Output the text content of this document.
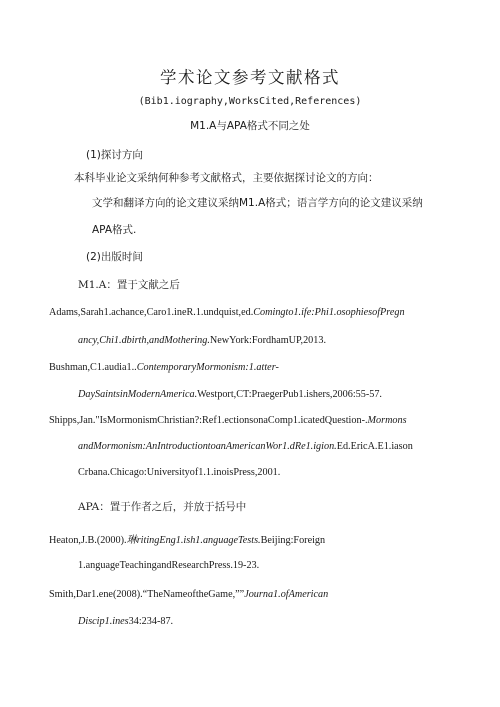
学术论文参考文献格式
(Bib1.iography,WorksCited,References)
M1.A与APA格式不同之处
(1)探讨方向
本科毕业论文采纳何种参考文献格式，主要依据探讨论文的方向：
文学和翻译方向的论文建议采纳M1.A格式；语言学方向的论文建议采纳
APA格式.
(2)出版时间
M1.A：置于文献之后
Adams,Sarah1.achance,Caro1.ineR.1.undquist,ed.Comingto1.ife:Phi1.osophiesofPregn
ancy,Chi1.dbirth,andMothering.NewYork:FordhamUP,2013.
Bushman,C1.audia1..ContemporaryMormonism:1.atter-
DaySaintsinModernAmerica.Westport,CT:PraegerPub1.ishers,2006:55-57.
Shipps,Jan."IsMormonismChristian?:Ref1.ectionsonaComp1.icatedQuestion-.Mormons
andMormonism:AnIntroductiontoanAmericanWor1.dRe1.igion.Ed.EricA.E1.iason
Crbana.Chicago:Universityof1.1.inoisPress,2001.
APA：置于作者之后，并放于括号中
Heaton,J.B.(2000).琳ritingEng1.ish1.anguageTests.Beijing:Foreign
1.anguageTeachingandResearchPress.19-23.
Smith,Dar1.ene(2008).“TheNameoftheGame,””Journa1.ofAmerican
Discip1.ines34:234-87.
